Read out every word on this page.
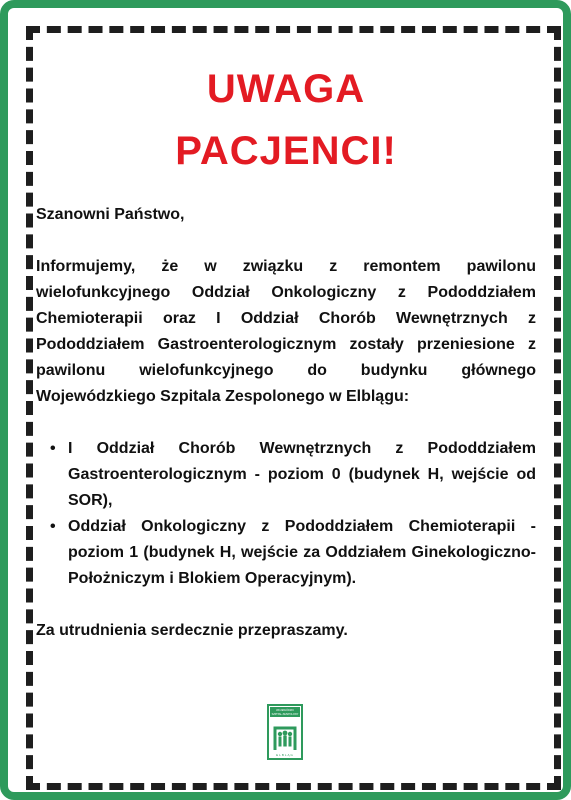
UWAGA

PACJENCI!

Szanowni Państwo,
Informujemy, że w związku z remontem pawilonu wielofunkcyjnego Oddział Onkologiczny z Pododdziałem Chemioterapii oraz I Oddział Chorób Wewnętrznych z Pododdziałem Gastroenterologicznym zostały przeniesione z pawilonu wielofunkcyjnego do budynku głównego Wojewódzkiego Szpitala Zespolonego w Elblągu:
• I Oddział Chorób Wewnętrznych z Pododdziałem Gastroenterologicznym - poziom 0 (budynek H, wejście od SOR),
• Oddział Onkologiczny z Pododdziałem Chemioterapii - poziom 1 (budynek H, wejście za Oddziałem Ginekologiczno-Położniczym i Blokiem Operacyjnym).
Za utrudnienia serdecznie przepraszamy.
WOJEWÓDZKI
SZPITAL ZESPOLONY
ELBLĄG
